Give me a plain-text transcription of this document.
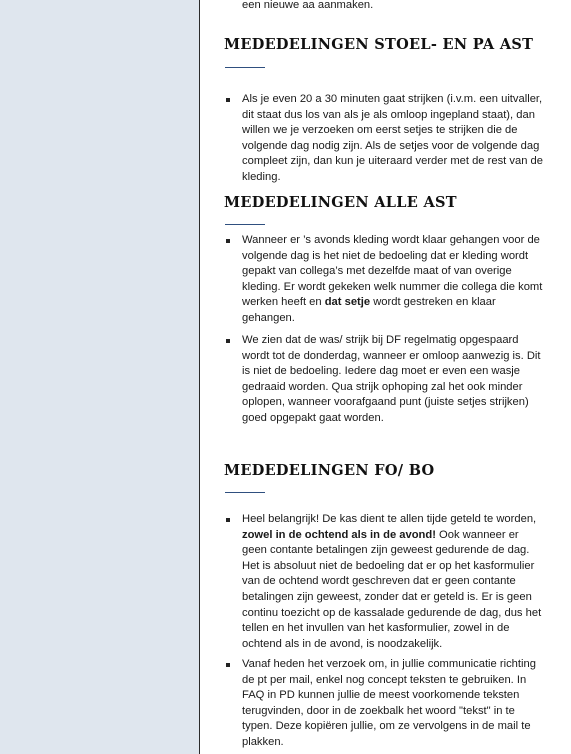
een nieuwe aa aanmaken.

MEDEDELINGEN STOEL- EN PA AST

Als je even 20 a 30 minuten gaat strijken (i.v.m. een uitvaller, dit staat dus los van als je als omloop ingepland staat), dan willen we je verzoeken om eerst setjes te strijken die de volgende dag nodig zijn. Als de setjes voor de volgende dag compleet zijn, dan kun je uiteraard verder met de rest van de kleding.

MEDEDELINGEN ALLE AST

Wanneer er ’s avonds kleding wordt klaar gehangen voor de volgende dag is het niet de bedoeling dat er kleding wordt gepakt van collega’s met dezelfde maat of van overige kleding. Er wordt gekeken welk nummer die collega die komt werken heeft en dat setje wordt gestreken en klaar gehangen.

We zien dat de was/ strijk bij DF regelmatig opgespaard wordt tot de donderdag, wanneer er omloop aanwezig is. Dit is niet de bedoeling. Iedere dag moet er even een wasje gedraaid worden. Qua strijk ophoping zal het ook minder oplopen, wanneer voorafgaand punt (juiste setjes strijken) goed opgepakt gaat worden.

MEDEDELINGEN FO/ BO

Heel belangrijk! De kas dient te allen tijde geteld te worden, zowel in de ochtend als in de avond! Ook wanneer er geen contante betalingen zijn geweest gedurende de dag. Het is absoluut niet de bedoeling dat er op het kasformulier van de ochtend wordt geschreven dat er geen contante betalingen zijn geweest, zonder dat er geteld is. Er is geen continu toezicht op de kassalade gedurende de dag, dus het tellen en het invullen van het kasformulier, zowel in de ochtend als in de avond, is noodzakelijk.

Vanaf heden het verzoek om, in jullie communicatie richting de pt per mail, enkel nog concept teksten te gebruiken. In FAQ in PD kunnen jullie de meest voorkomende teksten terugvinden, door in de zoekbalk het woord "tekst" in te typen. Deze kopiëren jullie, om ze vervolgens in de mail te plakken.
